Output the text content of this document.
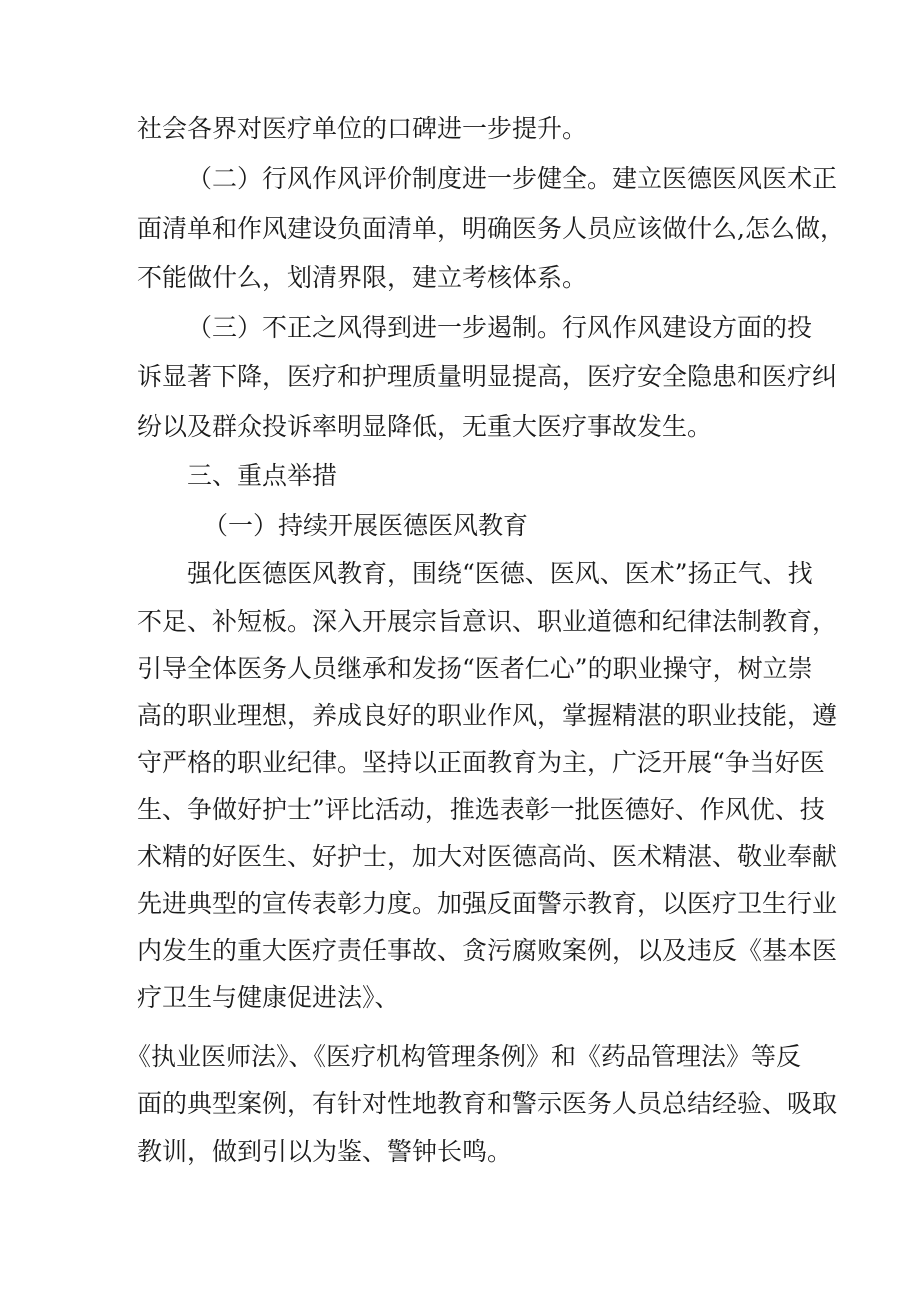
社会各界对医疗单位的口碑进一步提升。
（二）行风作风评价制度进一步健全。建立医德医风医术正
面清单和作风建设负面清单，明确医务人员应该做什么,怎么做，
不能做什么，划清界限，建立考核体系。
（三）不正之风得到进一步遏制。行风作风建设方面的投
诉显著下降，医疗和护理质量明显提高，医疗安全隐患和医疗纠
纷以及群众投诉率明显降低，无重大医疗事故发生。
三、重点举措
（一）持续开展医德医风教育
强化医德医风教育，围绕“医德、医风、医术”扬正气、找
不足、补短板。深入开展宗旨意识、职业道德和纪律法制教育，
引导全体医务人员继承和发扬“医者仁心”的职业操守，树立崇
高的职业理想，养成良好的职业作风，掌握精湛的职业技能，遵
守严格的职业纪律。坚持以正面教育为主，广泛开展“争当好医
生、争做好护士”评比活动，推选表彰一批医德好、作风优、技
术精的好医生、好护士，加大对医德高尚、医术精湛、敬业奉献
先进典型的宣传表彰力度。加强反面警示教育，以医疗卫生行业
内发生的重大医疗责任事故、贪污腐败案例，以及违反《基本医
疗卫生与健康促进法》、
《执业医师法》、《医疗机构管理条例》和《药品管理法》等反
面的典型案例，有针对性地教育和警示医务人员总结经验、吸取
教训，做到引以为鉴、警钟长鸣。
